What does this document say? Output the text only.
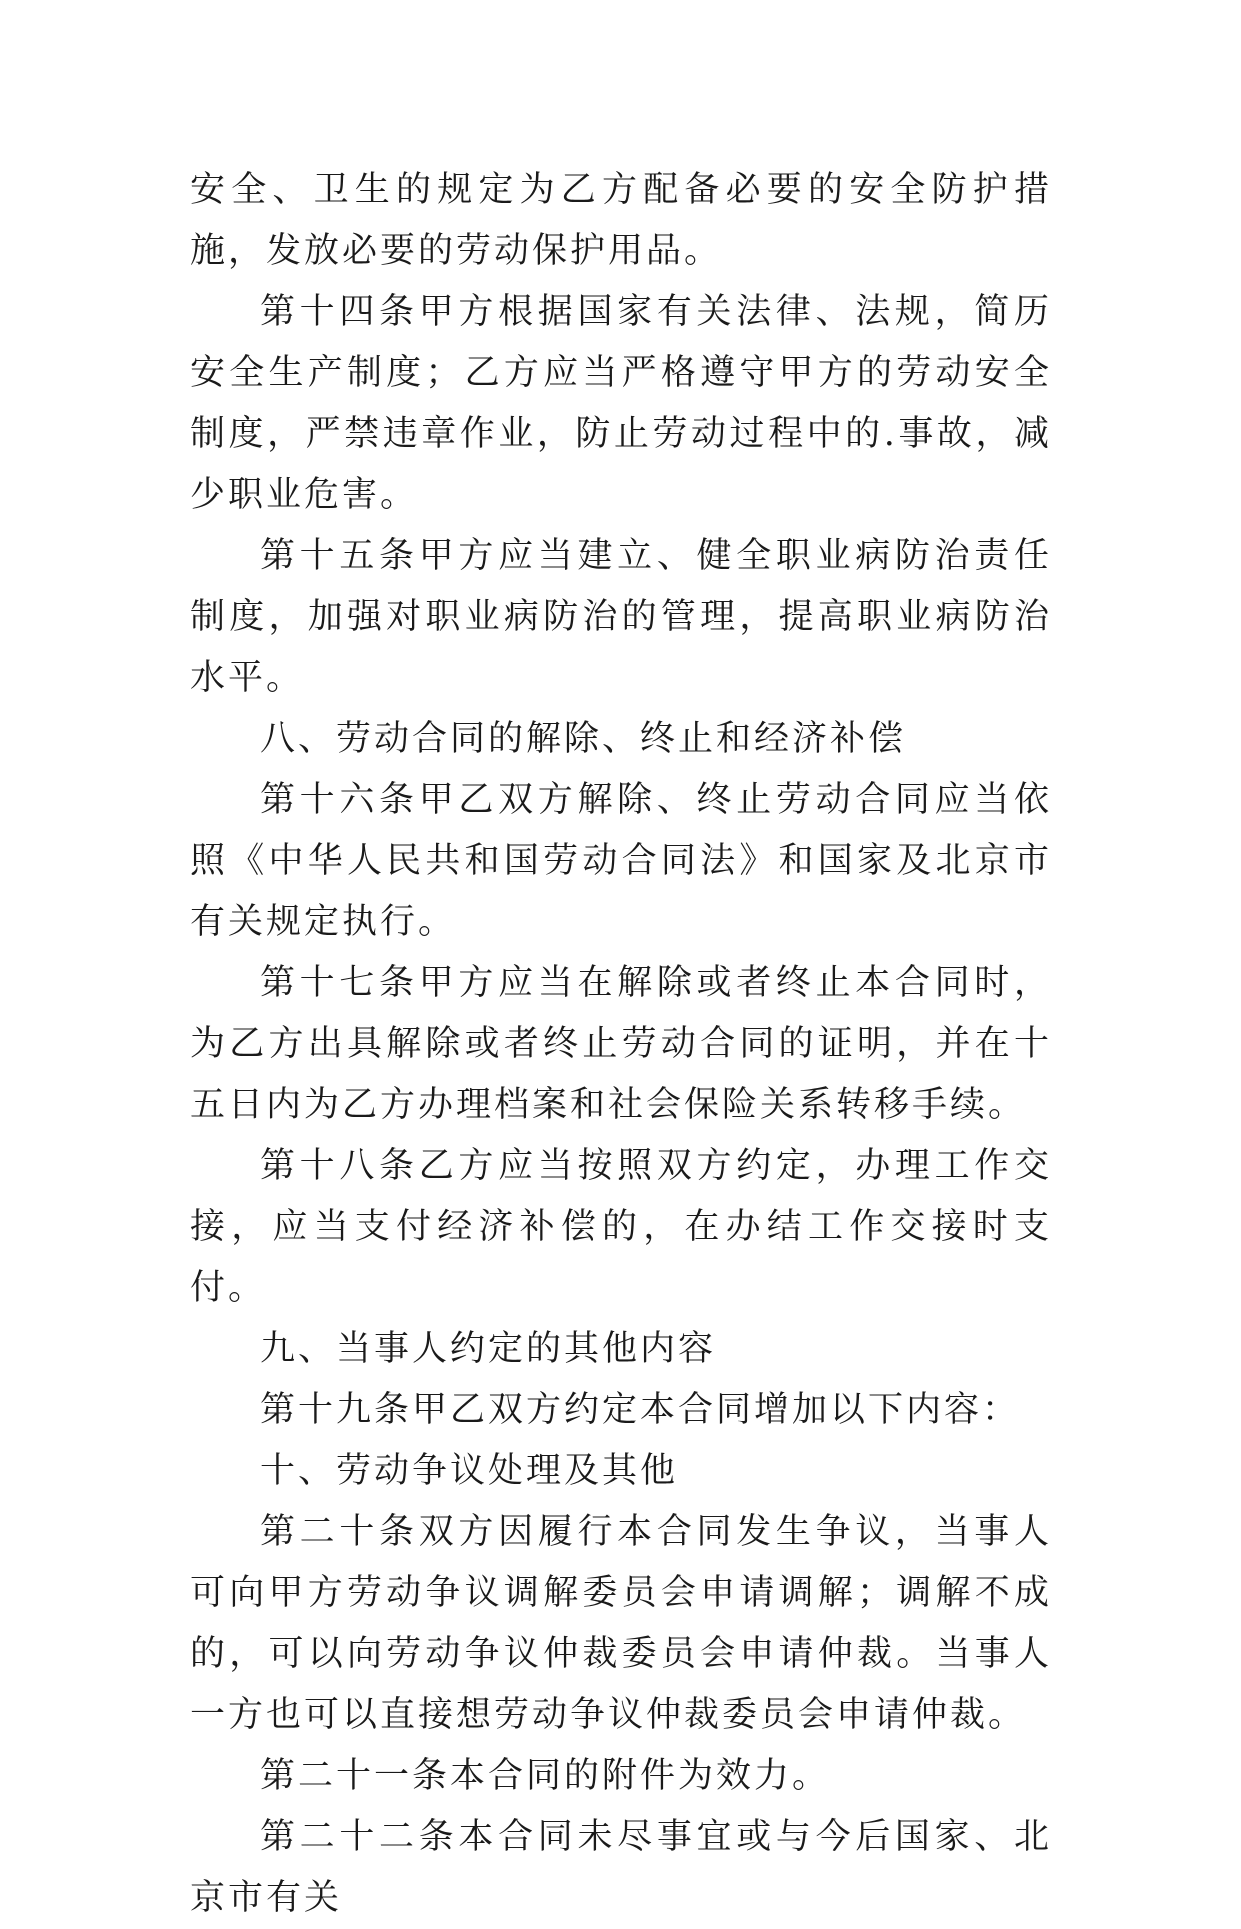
安全、卫生的规定为乙方配备必要的安全防护措施，发放必要的劳动保护用品。

第十四条甲方根据国家有关法律、法规，简历安全生产制度；乙方应当严格遵守甲方的劳动安全制度，严禁违章作业，防止劳动过程中的.事故，减少职业危害。

第十五条甲方应当建立、健全职业病防治责任制度，加强对职业病防治的管理，提高职业病防治水平。

八、劳动合同的解除、终止和经济补偿

第十六条甲乙双方解除、终止劳动合同应当依照《中华人民共和国劳动合同法》和国家及北京市有关规定执行。

第十七条甲方应当在解除或者终止本合同时，为乙方出具解除或者终止劳动合同的证明，并在十五日内为乙方办理档案和社会保险关系转移手续。

第十八条乙方应当按照双方约定，办理工作交接，应当支付经济补偿的，在办结工作交接时支付。

九、当事人约定的其他内容

第十九条甲乙双方约定本合同增加以下内容：

十、劳动争议处理及其他

第二十条双方因履行本合同发生争议，当事人可向甲方劳动争议调解委员会申请调解；调解不成的，可以向劳动争议仲裁委员会申请仲裁。当事人一方也可以直接想劳动争议仲裁委员会申请仲裁。

第二十一条本合同的附件为效力。

第二十二条本合同未尽事宜或与今后国家、北京市有关
